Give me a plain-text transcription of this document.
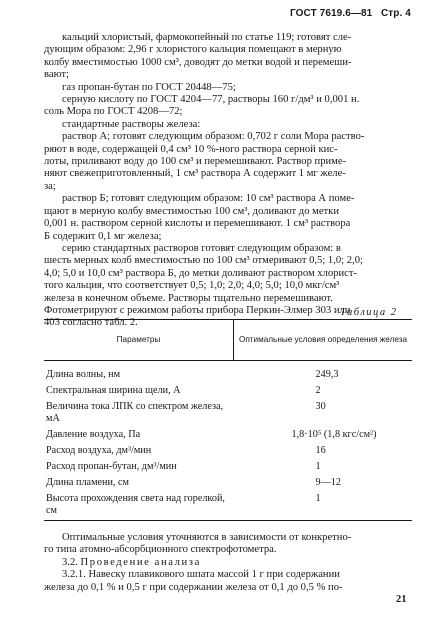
ГОСТ 7619.6—81 Стр. 4
кальций хлористый, фармокопейный по статье 119; готовят сле-
дующим образом: 2,96 г хлористого кальция помещают в мерную
колбу вместимостью 1000 см³, доводят до метки водой и перемеши-
вают;
газ пропан-бутан по ГОСТ 20448—75;
серную кислоту по ГОСТ 4204—77, растворы 160 г/дм³ и 0,001 н.
соль Мора по ГОСТ 4208—72;
стандартные растворы железа:
раствор А; готовят следующим образом: 0,702 г соли Мора раство-
ряют в воде, содержащей 0,4 см³ 10 %-ного раствора серной кис-
лоты, приливают воду до 100 см³ и перемешивают. Раствор приме-
няют свежеприготовленный, 1 см³ раствора А содержит 1 мг желе-
за;
раствор Б; готовят следующим образом: 10 см³ раствора А поме-
щают в мерную колбу вместимостью 100 см³, доливают до метки
0,001 н. раствором серной кислоты и перемешивают. 1 см³ раствора
Б содержит 0,1 мг железа;
серию стандартных растворов готовят следующим образом: в
шесть мерных колб вместимостью по 100 см³ отмеривают 0,5; 1,0; 2,0;
4,0; 5,0 и 10,0 см³ раствора Б, до метки доливают раствором хлорист-
того кальция, что соответствует 0,5; 1,0; 2,0; 4,0; 5,0; 10,0 мкг/см³
железа в конечном объеме. Растворы тщательно перемешивают.
Фотометрируют с режимом работы прибора Перкин-Элмер 303 или
403 согласно табл. 2.
Таблица 2
Параметры	Оптимальные условия определения железа
Длина волны, нм	249,3
Спектральная ширина щели, А	2
Величина тока ЛПК со спектром железа, мА	30
Давление воздуха, Па	1,8·10⁵ (1,8 кгс/см²)
Расход воздуха, дм³/мин	16
Расход пропан-бутан, дм³/мин	1
Длина пламени, см	9—12
Высота прохождения света над горелкой, см	1
Оптимальные условия уточняются в зависимости от конкретно-
го типа атомно-абсорбционного спектрофотометра.
3.2. Проведение анализа
3.2.1. Навеску плавикового шпата массой 1 г при содержании
железа до 0,1 % и 0,5 г при содержании железа от 0,1 до 0,5 % по-
21
